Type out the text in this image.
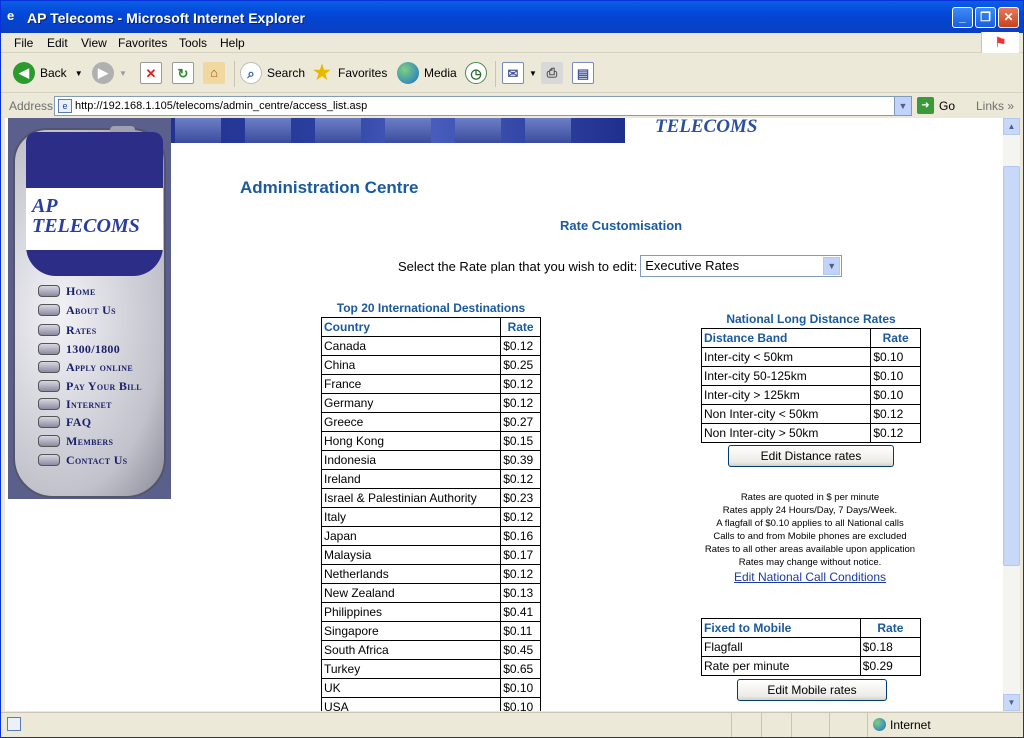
e AP Telecoms - Microsoft Internet Explorer	_	❐	✕
File Edit View Favorites Tools Help	⚑
◀ Back ▼	▶	▼	✕	↻	⌂	⌕	Search ★ Favorites	Media	◷	✉	▼ ⎙	▤
Address	e http://192.168.1.105/telecoms/admin_centre/access_list.asp	▼	➜ Go Links »
TELECOMS
AP TELECOMS
Home
About Us
Rates
1300/1800
Apply online
Pay Your Bill
Internet
FAQ
Members
Contact Us
Administration Centre
Rate Customisation
Select the Rate plan that you wish to edit: Executive Rates	▼
Top 20 International Destinations
Country	Rate
Canada	$0.12
China	$0.25
France	$0.12
Germany	$0.12
Greece	$0.27
Hong Kong	$0.15
Indonesia	$0.39
Ireland	$0.12
Israel & Palestinian Authority	$0.23
Italy	$0.12
Japan	$0.16
Malaysia	$0.17
Netherlands	$0.12
New Zealand	$0.13
Philippines	$0.41
Singapore	$0.11
South Africa	$0.45
Turkey	$0.65
UK	$0.10
USA	$0.10
National Long Distance Rates
Distance Band	Rate
Inter-city < 50km	$0.10
Inter-city 50-125km	$0.10
Inter-city > 125km	$0.10
Non Inter-city < 50km	$0.12
Non Inter-city > 50km	$0.12
Edit Distance rates
Rates are quoted in $ per minute
Rates apply 24 Hours/Day, 7 Days/Week.
A flagfall of $0.10 applies to all National calls
Calls to and from Mobile phones are excluded
Rates to all other areas available upon application
Rates may change without notice.
Edit National Call Conditions
Fixed to Mobile	Rate
Flagfall	$0.18
Rate per minute	$0.29
Edit Mobile rates
▲
▼
Internet
